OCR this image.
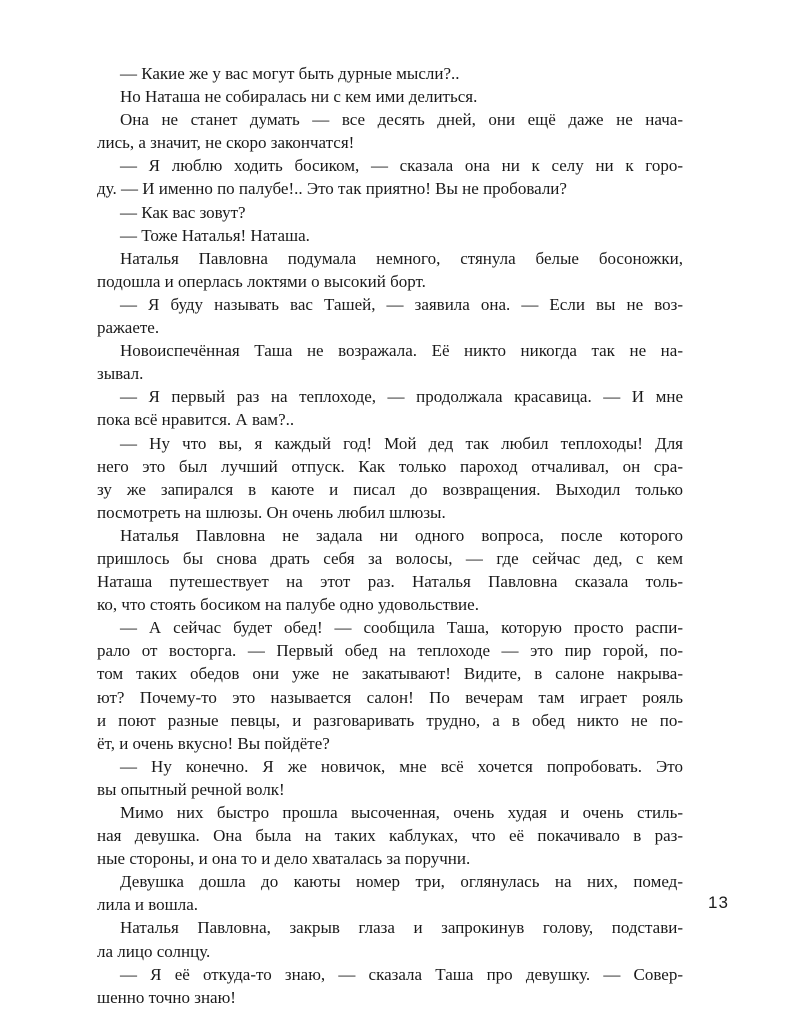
— Какие же у вас могут быть дурные мысли?..
Но Наташа не собиралась ни с кем ими делиться.
Она не станет думать — все десять дней, они ещё даже не нача-
лись, а значит, не скоро закончатся!
— Я люблю ходить босиком, — сказала она ни к селу ни к горо-
ду. — И именно по палубе!.. Это так приятно! Вы не пробовали?
— Как вас зовут?
— Тоже Наталья! Наташа.
Наталья Павловна подумала немного, стянула белые босоножки,
подошла и оперлась локтями о высокий борт.
— Я буду называть вас Ташей, — заявила она. — Если вы не воз-
ражаете.
Новоиспечённая Таша не возражала. Её никто никогда так не на-
зывал.
— Я первый раз на теплоходе, — продолжала красавица. — И мне
пока всё нравится. А вам?..
— Ну что вы, я каждый год! Мой дед так любил теплоходы! Для
него это был лучший отпуск. Как только пароход отчаливал, он сра-
зу же запирался в каюте и писал до возвращения. Выходил только
посмотреть на шлюзы. Он очень любил шлюзы.
Наталья Павловна не задала ни одного вопроса, после которого
пришлось бы снова драть себя за волосы, — где сейчас дед, с кем
Наташа путешествует на этот раз. Наталья Павловна сказала толь-
ко, что стоять босиком на палубе одно удовольствие.
— А сейчас будет обед! — сообщила Таша, которую просто распи-
рало от восторга. — Первый обед на теплоходе — это пир горой, по-
том таких обедов они уже не закатывают! Видите, в салоне накрыва-
ют? Почему-то это называется салон! По вечерам там играет рояль
и поют разные певцы, и разговаривать трудно, а в обед никто не по-
ёт, и очень вкусно! Вы пойдёте?
— Ну конечно. Я же новичок, мне всё хочется попробовать. Это
вы опытный речной волк!
Мимо них быстро прошла высоченная, очень худая и очень стиль-
ная девушка. Она была на таких каблуках, что её покачивало в раз-
ные стороны, и она то и дело хваталась за поручни.
Девушка дошла до каюты номер три, оглянулась на них, помед-
лила и вошла.
Наталья Павловна, закрыв глаза и запрокинув голову, подстави-
ла лицо солнцу.
— Я её откуда-то знаю, — сказала Таша про девушку. — Совер-
шенно точно знаю!
13
